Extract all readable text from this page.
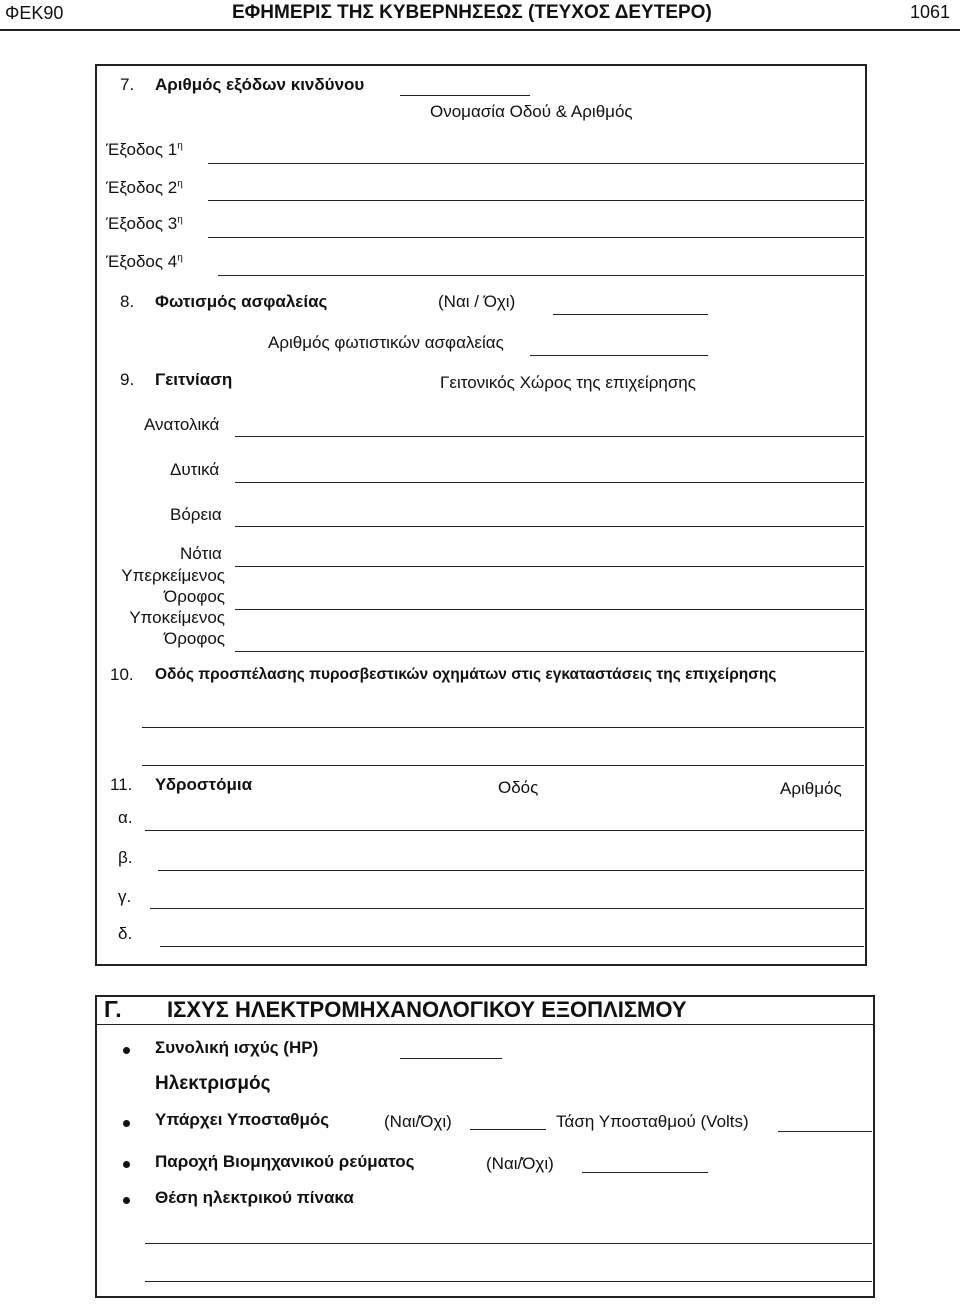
ΦΕΚ90	ΕΦΗΜΕΡΙΣ ΤΗΣ ΚΥΒΕΡΝΗΣΕΩΣ (ΤΕΥΧΟΣ ΔΕΥΤΕΡΟ)	1061
7. Αριθμός εξόδων κινδύνου
Ονομασία Οδού & Αριθμός
Έξοδος $1^\eta$
Έξοδος $2^\eta$
Έξοδος $3^\eta$
Έξοδος $4^\eta$
8. Φωτισμός ασφαλείας	(Ναι / Όχι)
Αριθμός φωτιστικών ασφαλείας
9. Γειτνίαση	Γειτονικός Χώρος της επιχείρησης
Ανατολικά
Δυτικά
Βόρεια
Νότια
Υπερκείμενος
Όροφος
Υποκείμενος
Όροφος
10. Οδός προσπέλασης πυροσβεστικών οχημάτων στις εγκαταστάσεις της επιχείρησης
11. Υδροστόμια	Οδός	Αριθμός
α.
β.
γ.
δ.
Γ. ΙΣΧΥΣ ΗΛΕΚΤΡΟΜΗΧΑΝΟΛΟΓΙΚΟΥ ΕΞΟΠΛΙΣΜΟΥ
Συνολική ισχύς (HP)
Ηλεκτρισμός
Υπάρχει Υποσταθμός	(Ναι/Όχι)	Τάση Υποσταθμού (Volts)
Παροχή Βιομηχανικού ρεύματος	(Ναι/Όχι)
Θέση ηλεκτρικού πίνακα
